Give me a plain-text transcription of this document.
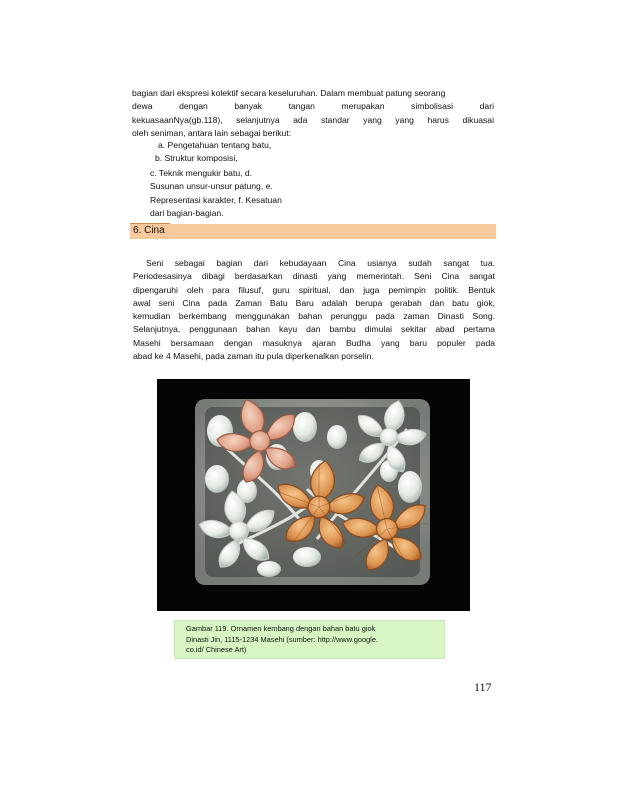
bagian dari ekspresi kolektif secara keseluruhan. Dalam membuat patung seorang
dewa dengan banyak tangan merupakan simbolisasi dari
kekuasaanNya(gb.118), selanjutnya ada standar yang yang harus dikuasai
oleh seniman, antara lain sebagai berikut:
a. Pengetahuan tentang batu,
b. Struktur komposisi,
c. Teknik mengukir batu, d.
Susunan unsur-unsur patung, e.
Representasi karakter, f. Kesatuan
dari bagian-bagian.
6. Cina
Seni sebagai bagian dari kebudayaan Cina usianya sudah sangat tua.
Periodesasinya dibagi berdasarkan dinasti yang memerintah. Seni Cina sangat
dipengaruhi oleh para filusuf, guru spiritual, dan juga pemimpin politik. Bentuk
awal seni Cina pada Zaman Batu Baru adalah berupa gerabah dan batu giok,
kemudian berkembang menggunakan bahan perunggu pada zaman Dinasti Song.
Selanjutnya, penggunaan bahan kayu dan bambu dimulai sekitar abad pertama
Masehi bersamaan dengan masuknya ajaran Budha yang baru populer pada
abad ke 4 Masehi, pada zaman itu pula diperkenalkan porselin.
Gambar 119. Ornamen kembang dengan bahan batu giok
Dinasti Jin, 1115-1234 Masehi (sumber: http://www.google.
co.id/ Chinese Art)
117
